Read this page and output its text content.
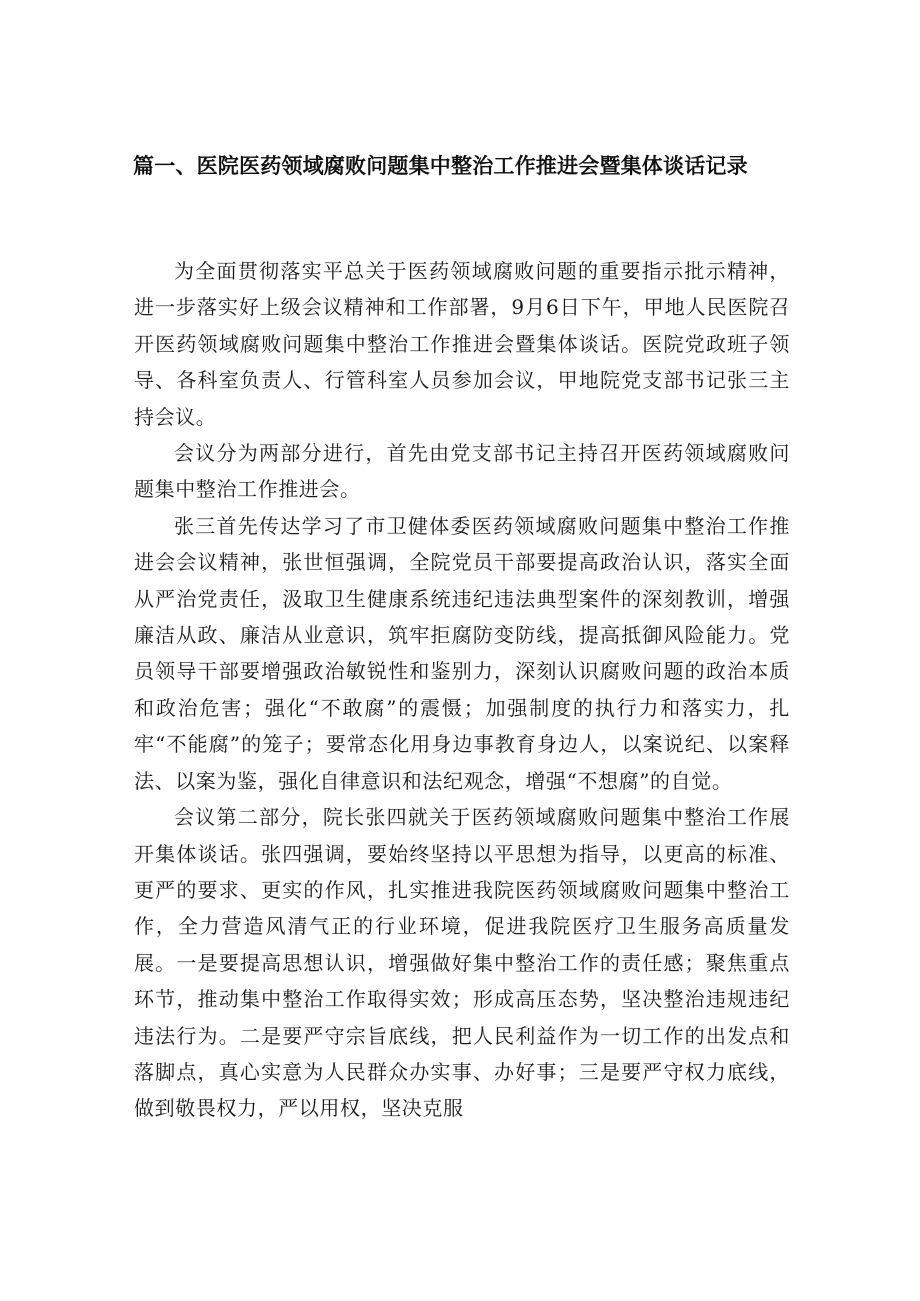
篇一、医院医药领域腐败问题集中整治工作推进会暨集体谈话记录

为全面贯彻落实平总关于医药领域腐败问题的重要指示批示精神，进一步落实好上级会议精神和工作部署，9月6日下午，甲地人民医院召开医药领域腐败问题集中整治工作推进会暨集体谈话。医院党政班子领导、各科室负责人、行管科室人员参加会议，甲地院党支部书记张三主持会议。

会议分为两部分进行，首先由党支部书记主持召开医药领域腐败问题集中整治工作推进会。

张三首先传达学习了市卫健体委医药领域腐败问题集中整治工作推进会会议精神，张世恒强调，全院党员干部要提高政治认识，落实全面从严治党责任，汲取卫生健康系统违纪违法典型案件的深刻教训，增强廉洁从政、廉洁从业意识，筑牢拒腐防变防线，提高抵御风险能力。党员领导干部要增强政治敏锐性和鉴别力，深刻认识腐败问题的政治本质和政治危害；强化“不敢腐”的震慑；加强制度的执行力和落实力，扎牢“不能腐”的笼子；要常态化用身边事教育身边人，以案说纪、以案释法、以案为鉴，强化自律意识和法纪观念，增强“不想腐”的自觉。

会议第二部分，院长张四就关于医药领域腐败问题集中整治工作展开集体谈话。张四强调，要始终坚持以平思想为指导，以更高的标准、更严的要求、更实的作风，扎实推进我院医药领域腐败问题集中整治工作，全力营造风清气正的行业环境，促进我院医疗卫生服务高质量发展。一是要提高思想认识，增强做好集中整治工作的责任感；聚焦重点环节，推动集中整治工作取得实效；形成高压态势，坚决整治违规违纪违法行为。二是要严守宗旨底线，把人民利益作为一切工作的出发点和落脚点，真心实意为人民群众办实事、办好事；三是要严守权力底线，做到敬畏权力，严以用权，坚决克服
